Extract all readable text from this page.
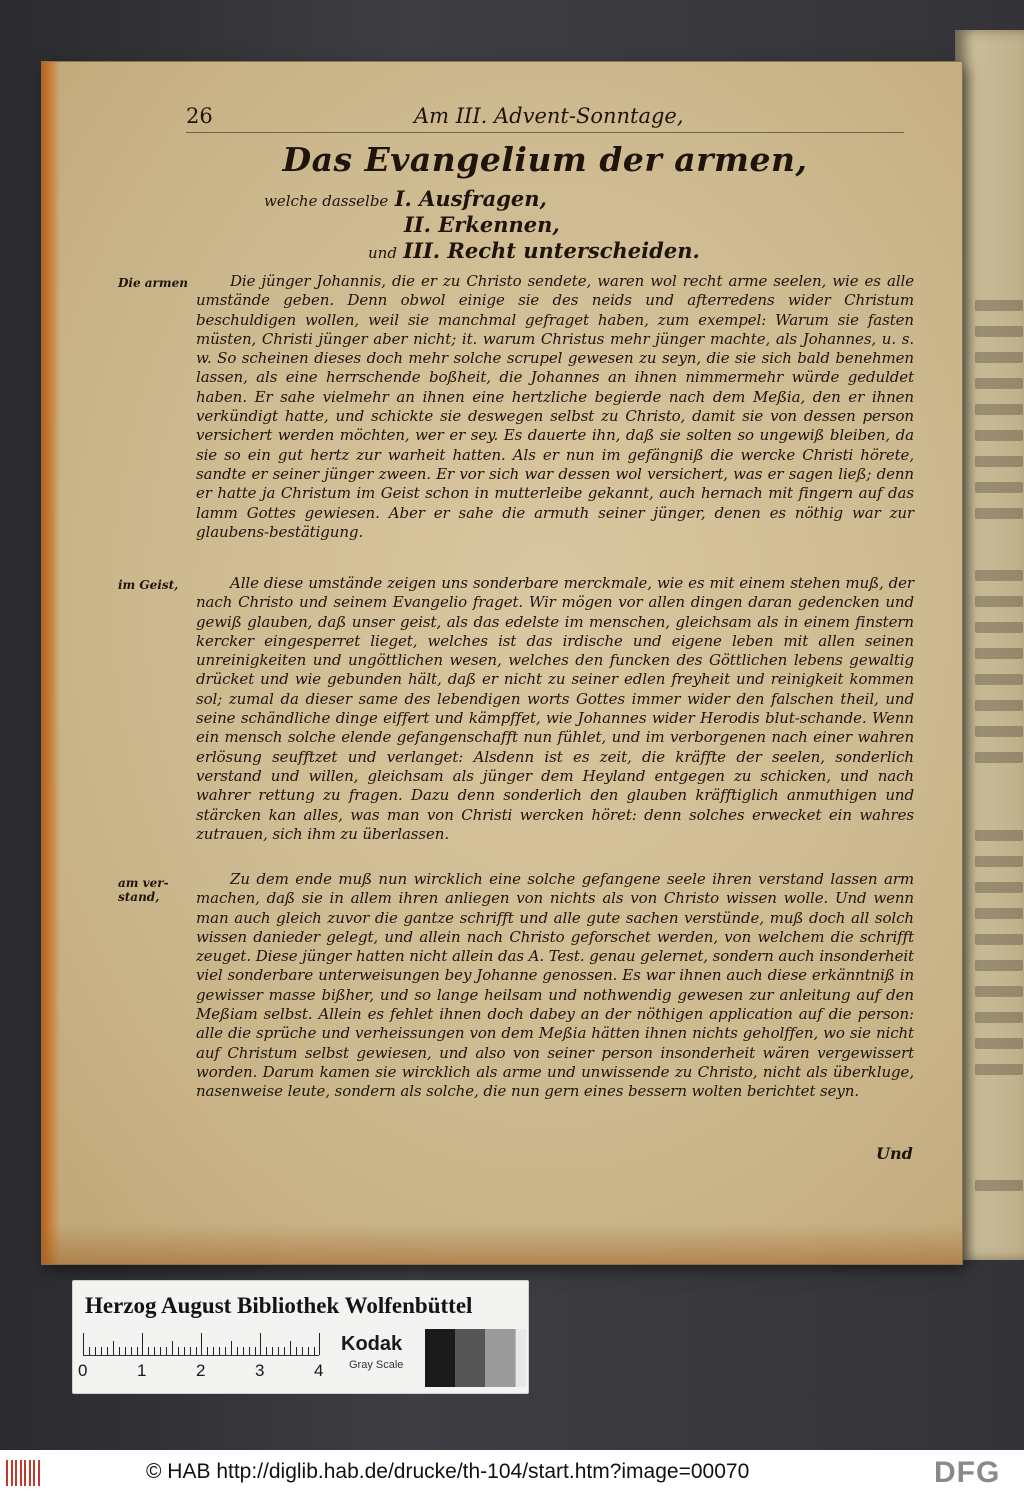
26	Am III. Advent-Sonntage,
Das Evangelium der armen,
welche dasselbe I. Ausfragen,
II. Erkennen,
und III. Recht unterscheiden.
Die armen
im Geist,
am ver-stand,
Die jünger Johannis, die er zu Christo sendete, waren wol recht arme seelen, wie es alle umstände geben. Denn obwol einige sie des neids und afterredens wider Christum beschuldigen wollen, weil sie manchmal gefraget haben, zum exempel: Warum sie fasten müsten, Christi jünger aber nicht; it. warum Christus mehr jünger machte, als Johannes, u. s. w. So scheinen dieses doch mehr solche scrupel gewesen zu seyn, die sie sich bald benehmen lassen, als eine herrschende boßheit, die Johannes an ihnen nimmermehr würde geduldet haben. Er sahe vielmehr an ihnen eine hertzliche begierde nach dem Meßia, den er ihnen verkündigt hatte, und schickte sie deswegen selbst zu Christo, damit sie von dessen person versichert werden möchten, wer er sey. Es dauerte ihn, daß sie solten so ungewiß bleiben, da sie so ein gut hertz zur warheit hatten. Als er nun im gefängniß die wercke Christi hörete, sandte er seiner jünger zween. Er vor sich war dessen wol versichert, was er sagen ließ; denn er hatte ja Christum im Geist schon in mutterleibe gekannt, auch hernach mit fingern auf das lamm Gottes gewiesen. Aber er sahe die armuth seiner jünger, denen es nöthig war zur glaubens-bestätigung.
Alle diese umstände zeigen uns sonderbare merckmale, wie es mit einem stehen muß, der nach Christo und seinem Evangelio fraget. Wir mögen vor allen dingen daran gedencken und gewiß glauben, daß unser geist, als das edelste im menschen, gleichsam als in einem finstern kercker eingesperret lieget, welches ist das irdische und eigene leben mit allen seinen unreinigkeiten und ungöttlichen wesen, welches den funcken des Göttlichen lebens gewaltig drücket und wie gebunden hält, daß er nicht zu seiner edlen freyheit und reinigkeit kommen sol; zumal da dieser same des lebendigen worts Gottes immer wider den falschen theil, und seine schändliche dinge eiffert und kämpffet, wie Johannes wider Herodis blut-schande. Wenn ein mensch solche elende gefangenschafft nun fühlet, und im verborgenen nach einer wahren erlösung seufftzet und verlanget: Alsdenn ist es zeit, die kräffte der seelen, sonderlich verstand und willen, gleichsam als jünger dem Heyland entgegen zu schicken, und nach wahrer rettung zu fragen. Dazu denn sonderlich den glauben kräfftiglich anmuthigen und stärcken kan alles, was man von Christi wercken höret: denn solches erwecket ein wahres zutrauen, sich ihm zu überlassen.
Zu dem ende muß nun wircklich eine solche gefangene seele ihren verstand lassen arm machen, daß sie in allem ihren anliegen von nichts als von Christo wissen wolle. Und wenn man auch gleich zuvor die gantze schrifft und alle gute sachen verstünde, muß doch all solch wissen danieder gelegt, und allein nach Christo geforschet werden, von welchem die schrifft zeuget. Diese jünger hatten nicht allein das A. Test. genau gelernet, sondern auch insonderheit viel sonderbare unterweisungen bey Johanne genossen. Es war ihnen auch diese erkänntniß in gewisser masse bißher, und so lange heilsam und nothwendig gewesen zur anleitung auf den Meßiam selbst. Allein es fehlet ihnen doch dabey an der nöthigen application auf die person: alle die sprüche und verheissungen von dem Meßia hätten ihnen nichts geholffen, wo sie nicht auf Christum selbst gewiesen, und also von seiner person insonderheit wären vergewissert worden. Darum kamen sie wircklich als arme und unwissende zu Christo, nicht als überkluge, nasenweise leute, sondern als solche, die nun gern eines bessern wolten berichtet seyn.
Und
Herzog August Bibliothek Wolfenbüttel
0	1	2	3	4
Kodak
Gray Scale
© HAB http://diglib.hab.de/drucke/th-104/start.htm?image=00070	DFG
